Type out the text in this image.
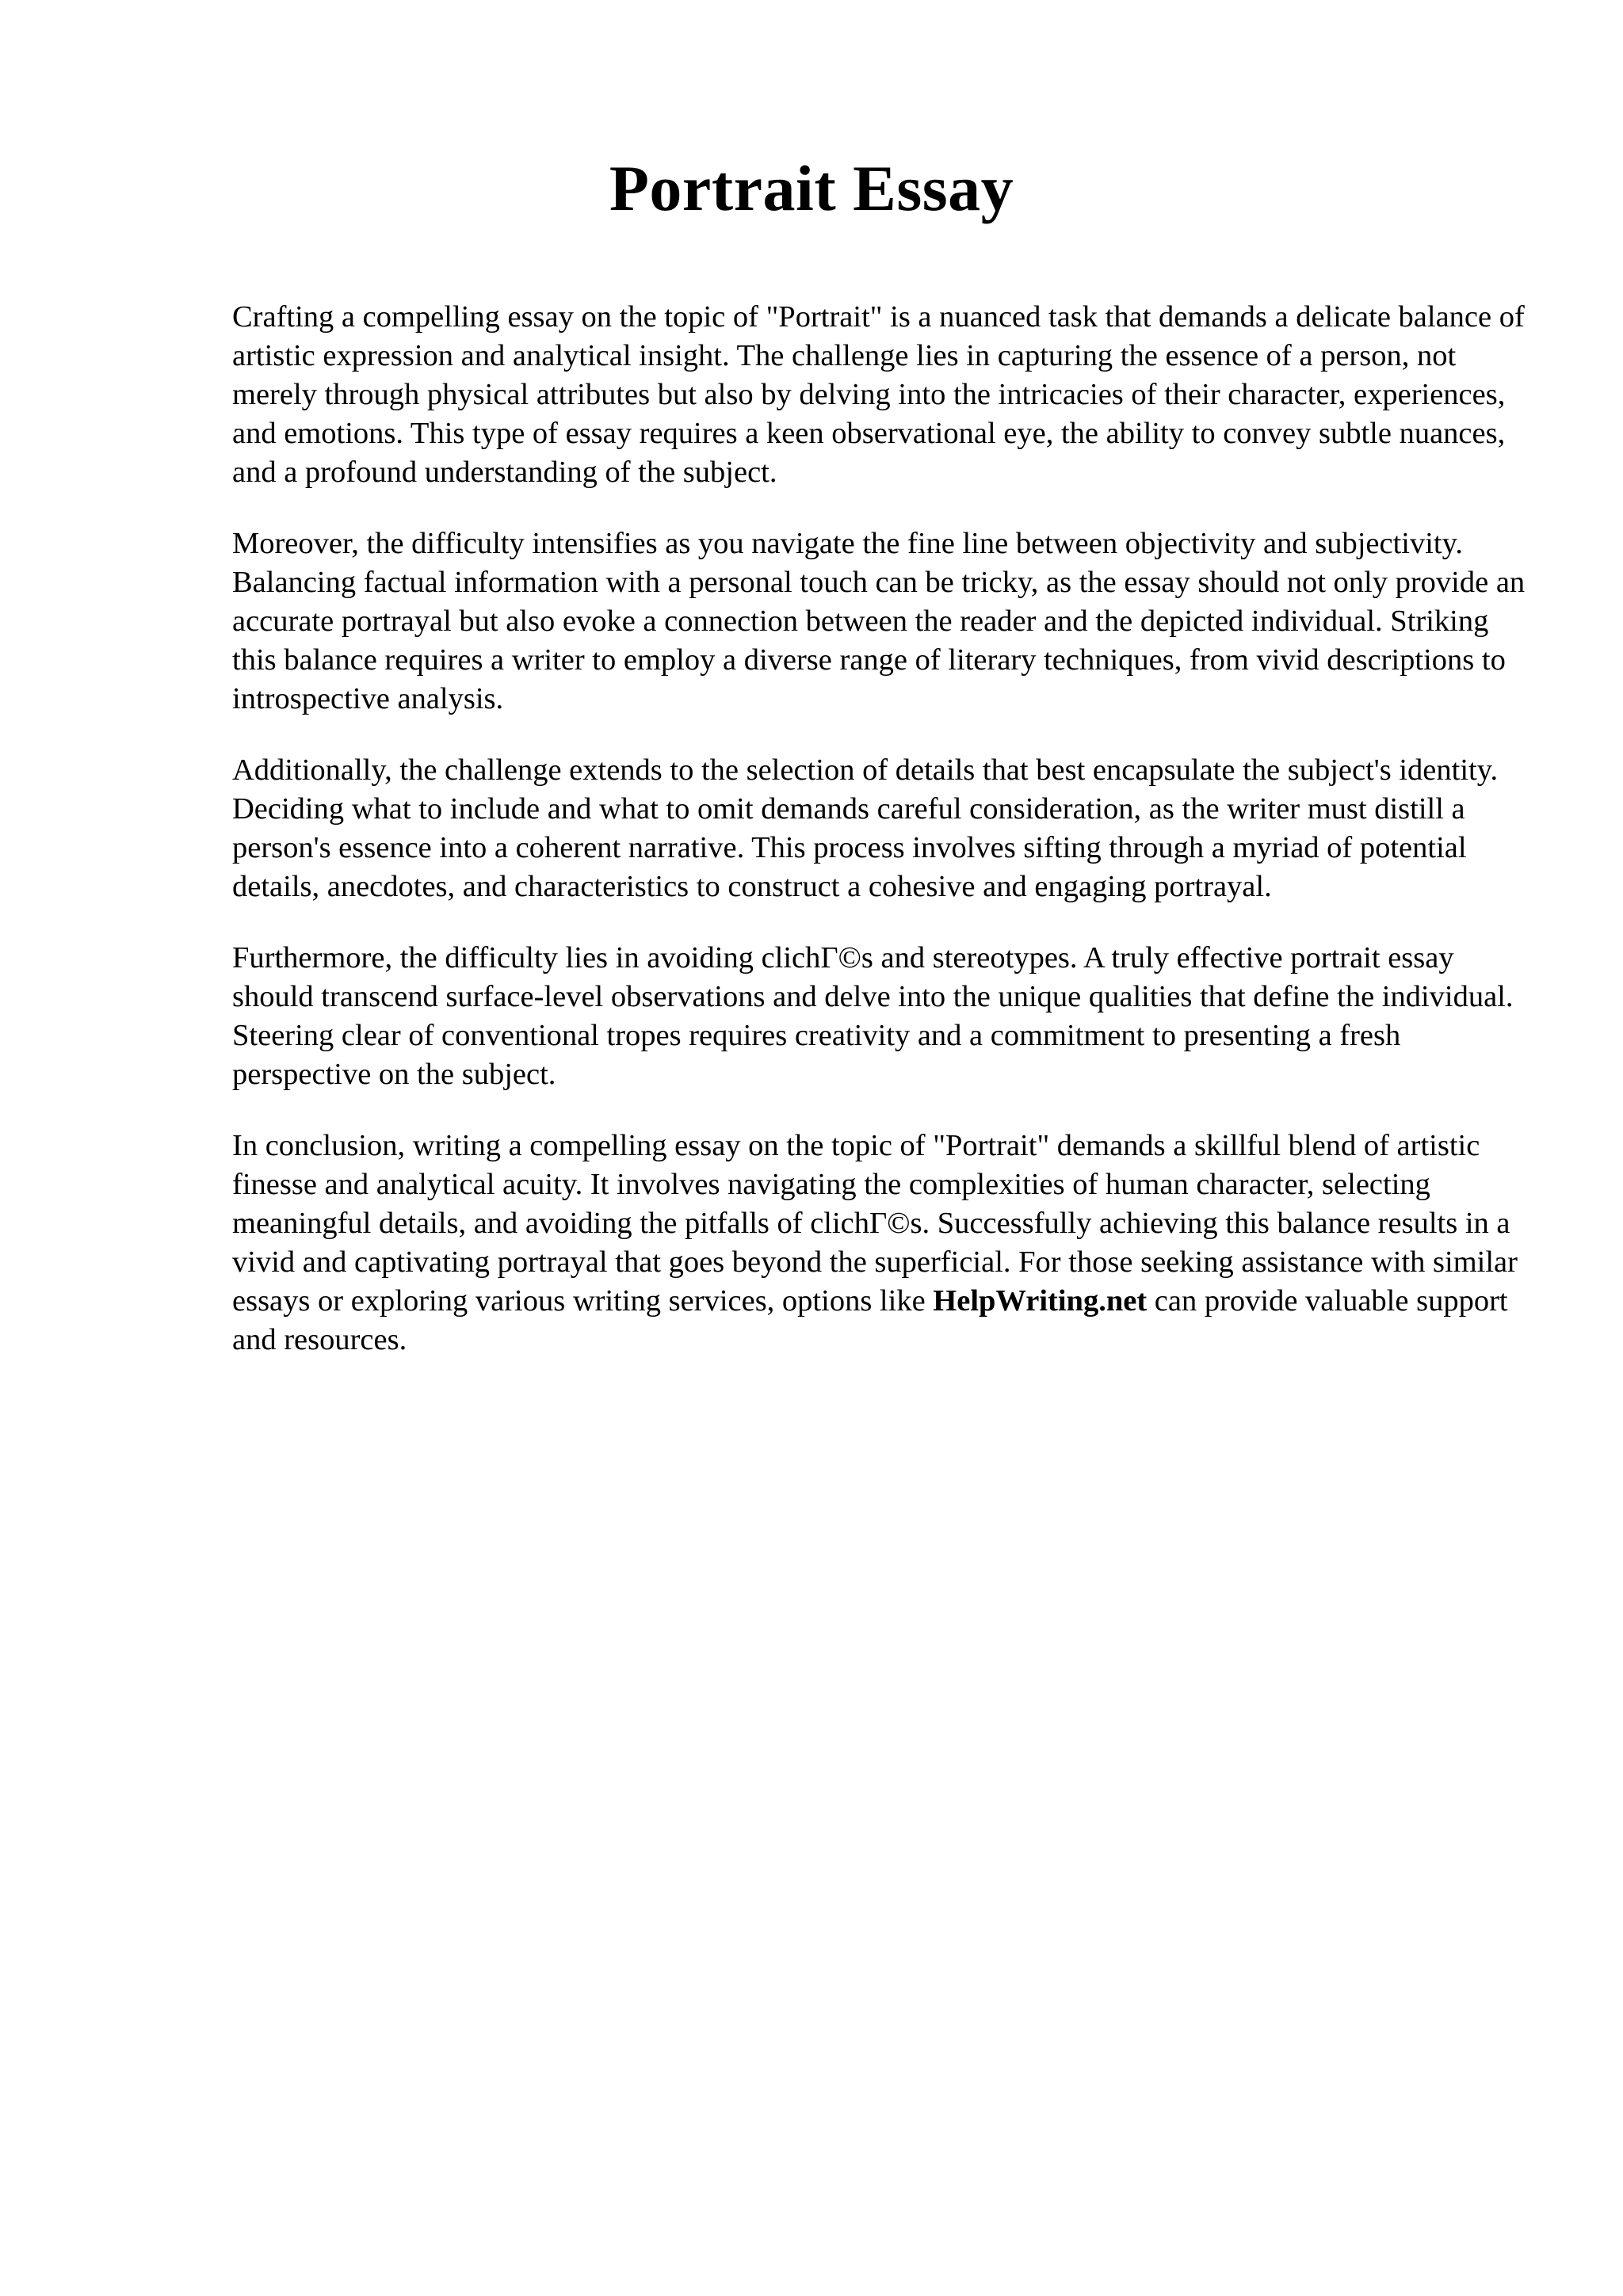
Portrait Essay

Crafting a compelling essay on the topic of "Portrait" is a nuanced task that demands a delicate balance of artistic expression and analytical insight. The challenge lies in capturing the essence of a person, not merely through physical attributes but also by delving into the intricacies of their character, experiences, and emotions. This type of essay requires a keen observational eye, the ability to convey subtle nuances, and a profound understanding of the subject.

Moreover, the difficulty intensifies as you navigate the fine line between objectivity and subjectivity. Balancing factual information with a personal touch can be tricky, as the essay should not only provide an accurate portrayal but also evoke a connection between the reader and the depicted individual. Striking this balance requires a writer to employ a diverse range of literary techniques, from vivid descriptions to introspective analysis.

Additionally, the challenge extends to the selection of details that best encapsulate the subject's identity. Deciding what to include and what to omit demands careful consideration, as the writer must distill a person's essence into a coherent narrative. This process involves sifting through a myriad of potential details, anecdotes, and characteristics to construct a cohesive and engaging portrayal.

Furthermore, the difficulty lies in avoiding clichΓ©s and stereotypes. A truly effective portrait essay should transcend surface-level observations and delve into the unique qualities that define the individual. Steering clear of conventional tropes requires creativity and a commitment to presenting a fresh perspective on the subject.

In conclusion, writing a compelling essay on the topic of "Portrait" demands a skillful blend of artistic finesse and analytical acuity. It involves navigating the complexities of human character, selecting meaningful details, and avoiding the pitfalls of clichΓ©s. Successfully achieving this balance results in a vivid and captivating portrayal that goes beyond the superficial. For those seeking assistance with similar essays or exploring various writing services, options like HelpWriting.net can provide valuable support and resources.
